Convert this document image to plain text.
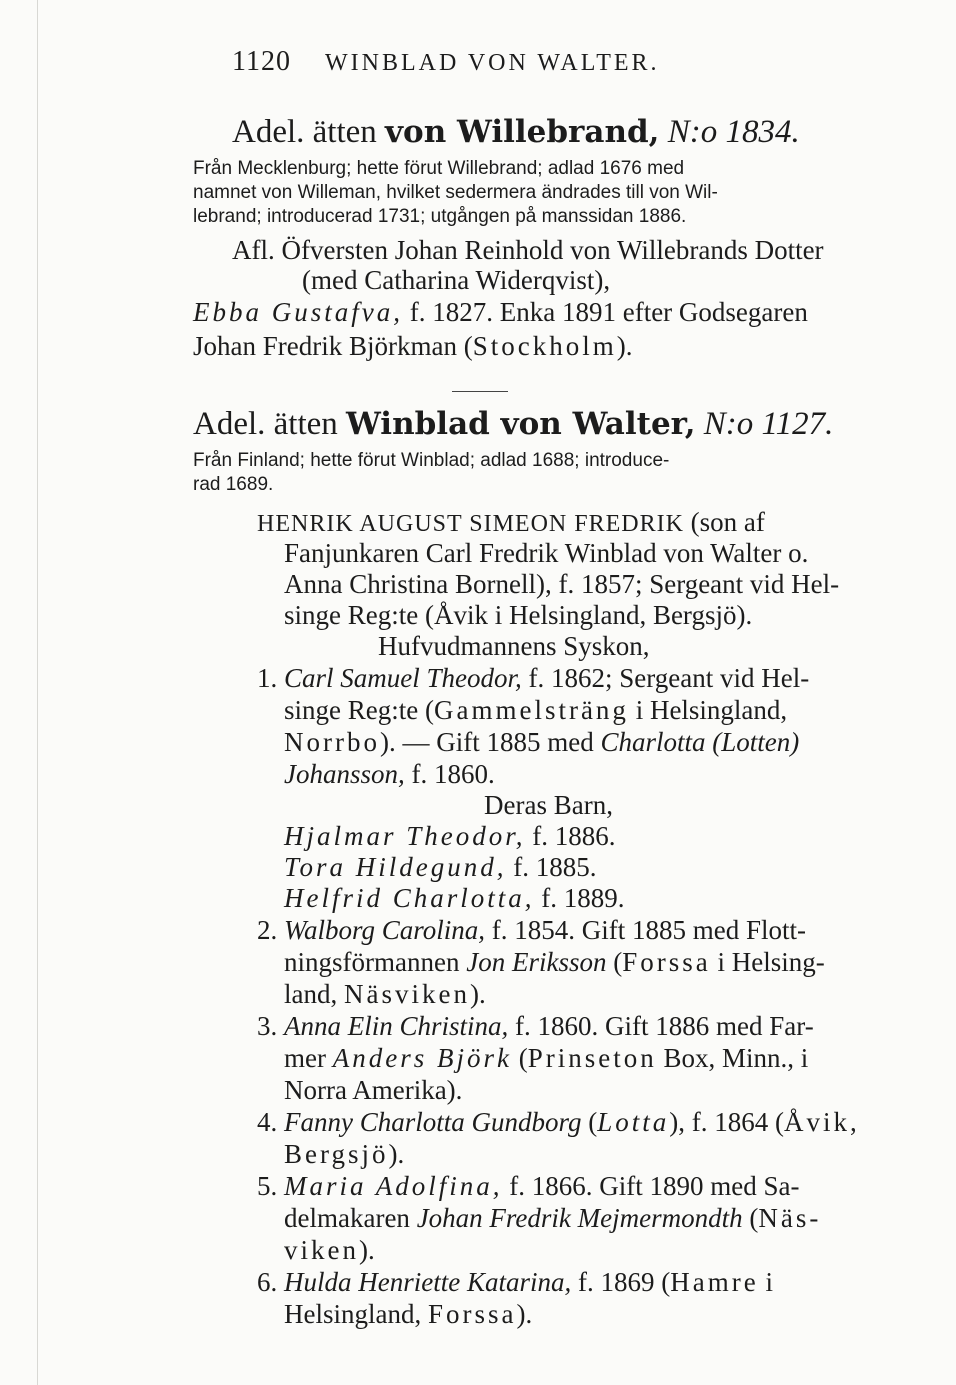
1120 WINBLAD VON WALTER.
Adel. ätten von Willebrand, N:o 1834.
Från Mecklenburg; hette förut Willebrand; adlad 1676 med
namnet von Willeman, hvilket sedermera ändrades till von Wil-
lebrand; introducerad 1731; utgången på manssidan 1886.
Afl. Öfversten Johan Reinhold von Willebrands Dotter
(med Catharina Widerqvist),
Ebba Gustafva, f. 1827. Enka 1891 efter Godsegaren
Johan Fredrik Björkman (Stockholm).
Adel. ätten Winblad von Walter, N:o 1127.
Från Finland; hette förut Winblad; adlad 1688; introduce-
rad 1689.
HENRIK AUGUST SIMEON FREDRIK (son af
Fanjunkaren Carl Fredrik Winblad von Walter o.
Anna Christina Bornell), f. 1857; Sergeant vid Hel-
singe Reg:te (Åvik i Helsingland, Bergsjö).
Hufvudmannens Syskon,
1. Carl Samuel Theodor, f. 1862; Sergeant vid Hel-
singe Reg:te (Gammelsträng i Helsingland,
Norrbo). — Gift 1885 med Charlotta (Lotten)
Johansson, f. 1860.
Deras Barn,
Hjalmar Theodor, f. 1886.
Tora Hildegund, f. 1885.
Helfrid Charlotta, f. 1889.
2. Walborg Carolina, f. 1854. Gift 1885 med Flott-
ningsförmannen Jon Eriksson (Forssa i Helsing-
land, Näsviken).
3. Anna Elin Christina, f. 1860. Gift 1886 med Far-
mer Anders Björk (Prinseton Box, Minn., i
Norra Amerika).
4. Fanny Charlotta Gundborg (Lotta), f. 1864 (Åvik,
Bergsjö).
5. Maria Adolfina, f. 1866. Gift 1890 med Sa-
delmakaren Johan Fredrik Mejmermondth (Näs-
viken).
6. Hulda Henriette Katarina, f. 1869 (Hamre i
Helsingland, Forssa).
